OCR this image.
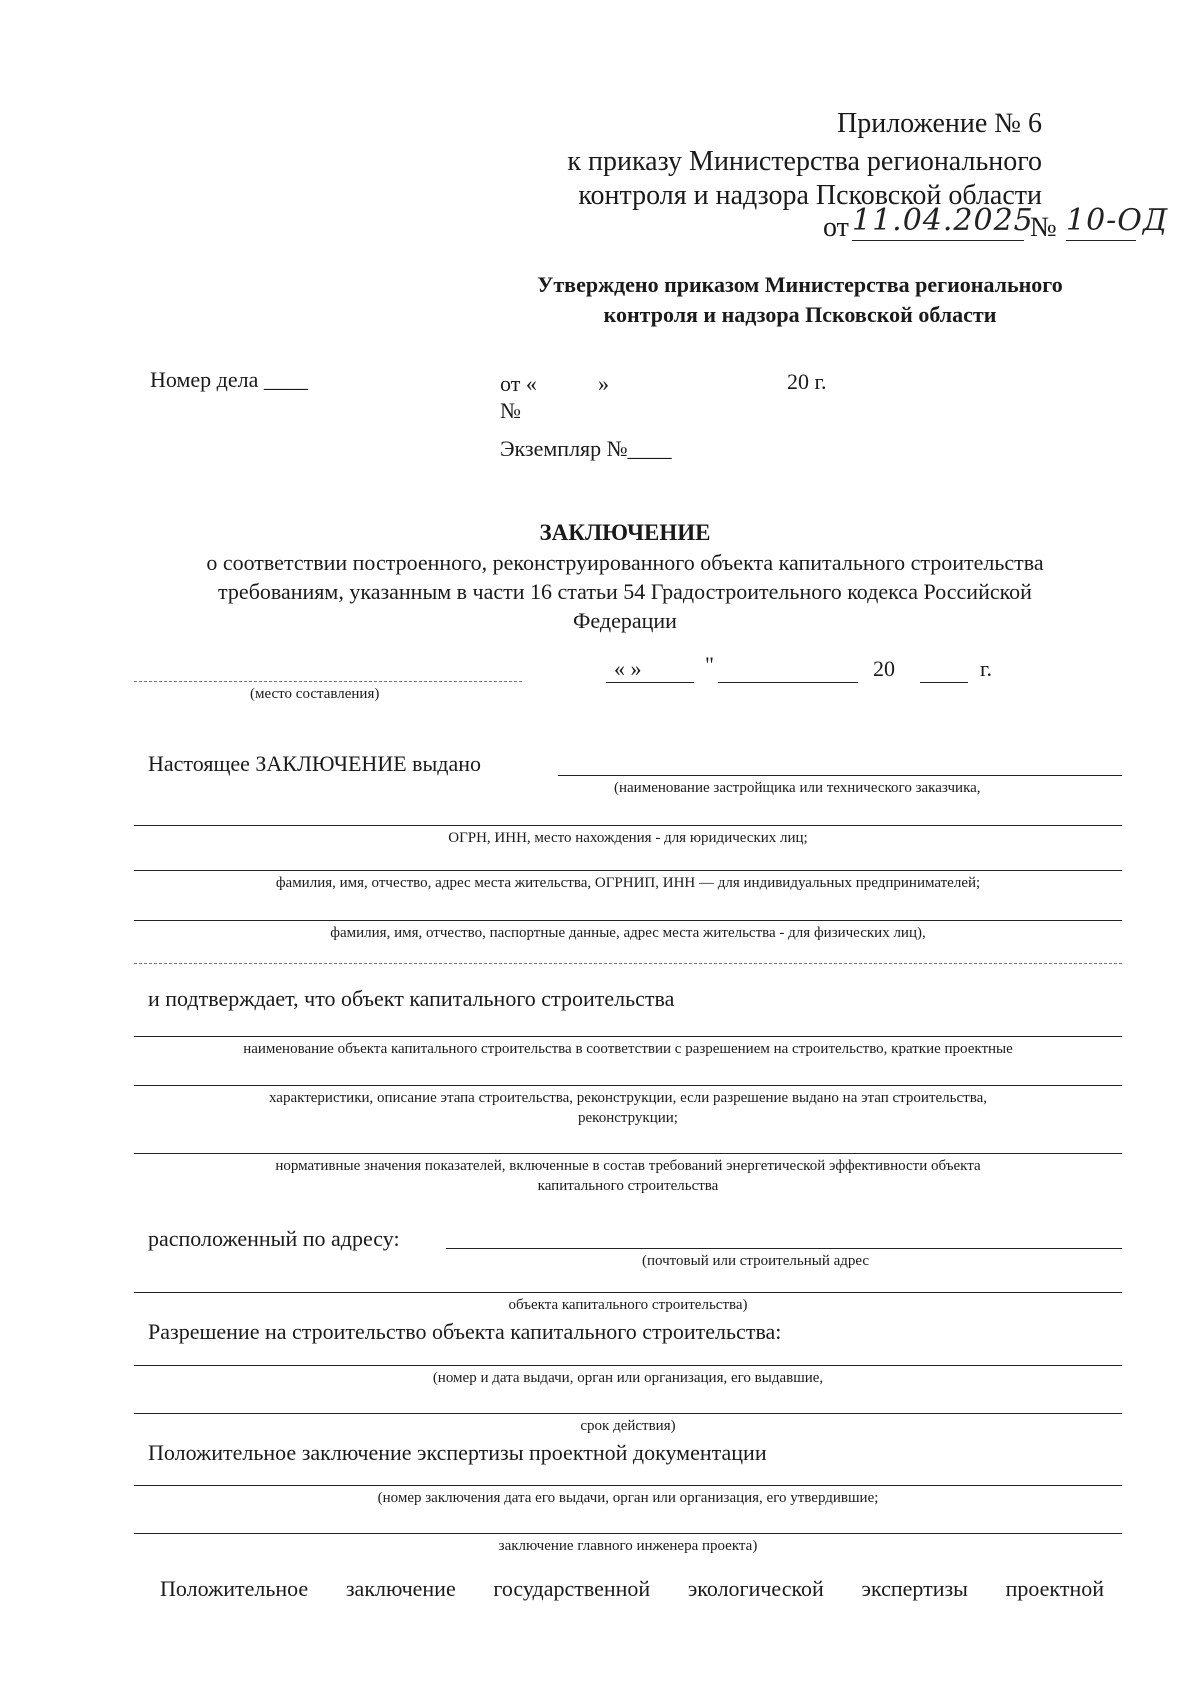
Приложение № 6
к приказу Министерства регионального
контроля и надзора Псковской области
от 11.04.2025
№ 10-ОД
Утверждено приказом Министерства регионального
контроля и надзора Псковской области
Номер дела ____	от «	»	20 г.
№
Экземпляр №____
ЗАКЛЮЧЕНИЕ
о соответствии построенного, реконструированного объекта капитального строительства
требованиям, указанным в части 16 статьи 54 Градостроительного кодекса Российской
Федерации
(место составления)
« »	"	20	г.
Настоящее ЗАКЛЮЧЕНИЕ выдано
(наименование застройщика или технического заказчика,
ОГРН, ИНН, место нахождения - для юридических лиц;
фамилия, имя, отчество, адрес места жительства, ОГРНИП, ИНН — для индивидуальных предпринимателей;
фамилия, имя, отчество, паспортные данные, адрес места жительства - для физических лиц),
и подтверждает, что объект капитального строительства
наименование объекта капитального строительства в соответствии с разрешением на строительство, краткие проектные
характеристики, описание этапа строительства, реконструкции, если разрешение выдано на этап строительства,
реконструкции;
нормативные значения показателей, включенные в состав требований энергетической эффективности объекта
капитального строительства
расположенный по адресу:
(почтовый или строительный адрес
объекта капитального строительства)
Разрешение на строительство объекта капитального строительства:
(номер и дата выдачи, орган или организация, его выдавшие,
срок действия)
Положительное заключение экспертизы проектной документации
(номер заключения дата его выдачи, орган или организация, его утвердившие;
заключение главного инженера проекта)
Положительное заключение государственной экологической экспертизы проектной
